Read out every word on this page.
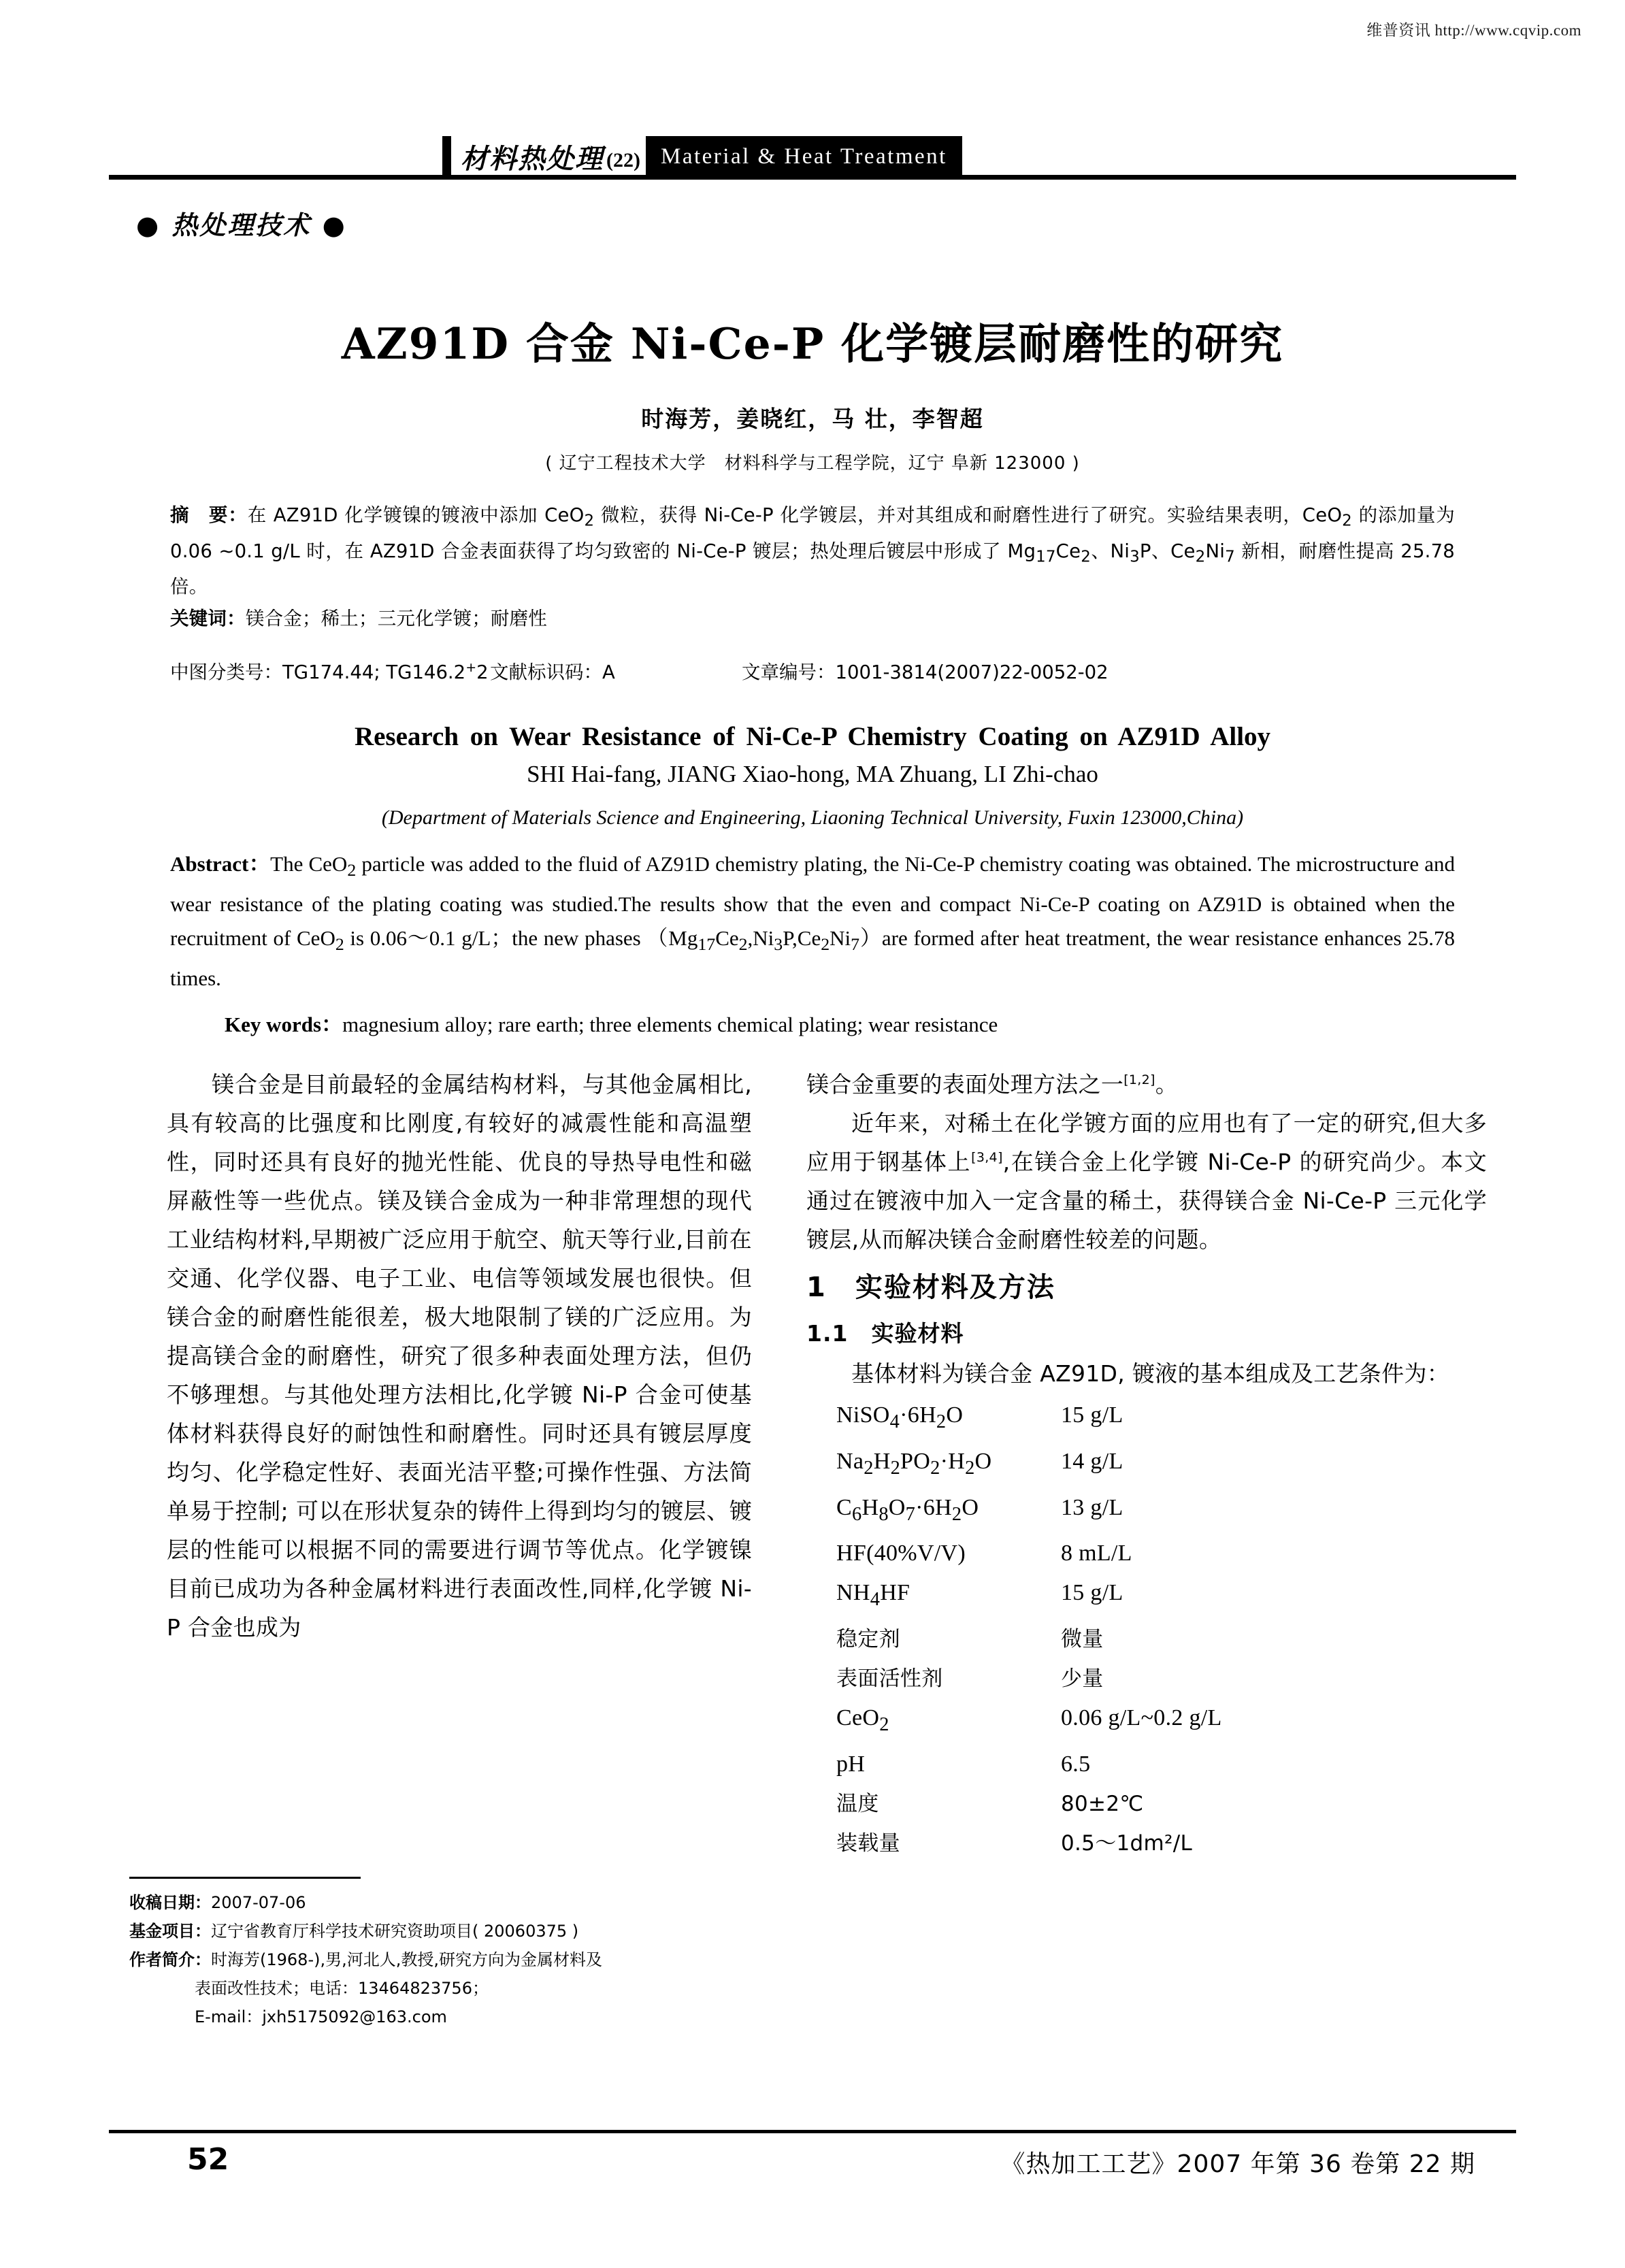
维普资讯 http://www.cqvip.com
材料热处理 (22) Material & Heat Treatment
● 热处理技术 ●
AZ91D 合金 Ni-Ce-P 化学镀层耐磨性的研究
时海芳，姜晓红，马 壮，李智超
( 辽宁工程技术大学　材料科学与工程学院，辽宁 阜新 123000 )

摘　要：在 AZ91D 化学镀镍的镀液中添加 CeO$_2$ 微粒，获得 Ni-Ce-P 化学镀层，并对其组成和耐磨性进行了研究。实验结果表明，CeO$_2$ 的添加量为 0.06 ~0.1 g/L 时，在 AZ91D 合金表面获得了均匀致密的 Ni-Ce-P 镀层；热处理后镀层中形成了 $Mg_{17}Ce_2$、$Ni_3P$、$Ce_2Ni_7$ 新相，耐磨性提高 25.78 倍。

关键词：镁合金；稀土；三元化学镀；耐磨性

中图分类号：TG174.44; TG146.2+2 文献标识码：A	文章编号：1001-3814(2007)22-0052-02
Research on Wear Resistance of Ni-Ce-P Chemistry Coating on AZ91D Alloy
SHI Hai-fang, JIANG Xiao-hong, MA Zhuang, LI Zhi-chao
(Department of Materials Science and Engineering, Liaoning Technical University, Fuxin 123000,China)
Abstract：The CeO$_2$ particle was added to the fluid of AZ91D chemistry plating, the Ni-Ce-P chemistry coating was obtained. The microstructure and wear resistance of the plating coating was studied.The results show that the even and compact Ni-Ce-P coating on AZ91D is obtained when the recruitment of CeO$_2$ is 0.06～0.1 g/L；the new phases $(Mg_{17}Ce_2,Ni_3P,Ce_2Ni_7)are$ formed after heat treatment, the wear resistance enhances 25.78 times.
Key words：magnesium alloy; rare earth; three elements chemical plating; wear resistance

镁合金是目前最轻的金属结构材料，与其他金属相比,具有较高的比强度和比刚度,有较好的减震性能和高温塑性，同时还具有良好的抛光性能、优良的导热导电性和磁屏蔽性等一些优点。镁及镁合金成为一种非常理想的现代工业结构材料,早期被广泛应用于航空、航天等行业,目前在交通、化学仪器、电子工业、电信等领域发展也很快。但镁合金的耐磨性能很差，极大地限制了镁的广泛应用。为提高镁合金的耐磨性，研究了很多种表面处理方法，但仍不够理想。与其他处理方法相比,化学镀 Ni-P 合金可使基体材料获得良好的耐蚀性和耐磨性。同时还具有镀层厚度均匀、化学稳定性好、表面光洁平整;可操作性强、方法简单易于控制; 可以在形状复杂的铸件上得到均匀的镀层、镀层的性能可以根据不同的需要进行调节等优点。化学镀镍目前已成功为各种金属材料进行表面改性,同样,化学镀 Ni-P 合金也成为

收稿日期：2007-07-06
基金项目：辽宁省教育厅科学技术研究资助项目( 20060375 )
作者简介：时海芳(1968-),男,河北人,教授,研究方向为金属材料及
表面改性技术；电话：13464823756；
E-mail：jxh5175092@163.com

镁合金重要的表面处理方法之一[1,2]。

近年来，对稀土在化学镀方面的应用也有了一定的研究,但大多应用于钢基体上[3,4],在镁合金上化学镀 Ni-Ce-P 的研究尚少。本文通过在镀液中加入一定含量的稀土，获得镁合金 Ni-Ce-P 三元化学镀层,从而解决镁合金耐磨性较差的问题。

1　实验材料及方法
1.1　实验材料

基体材料为镁合金 AZ91D, 镀液的基本组成及工艺条件为：

$NiSO_4\cdot 6H_2O$	15 g/L
$Na_2H_2PO_2\cdot H_2O$	14 g/L
$C_6H_8O_7\cdot 6H_2O$	13 g/L
HF(40%V/V)	8 mL/L
$NH_4HF$	15 g/L
稳定剂	微量
表面活性剂	少量
CeO$_2$	0.06 g/L~0.2 g/L
pH	6.5
温度	80±2℃
装载量	0.5～1dm²/L
52	《热加工工艺》2007 年第 36 卷第 22 期
